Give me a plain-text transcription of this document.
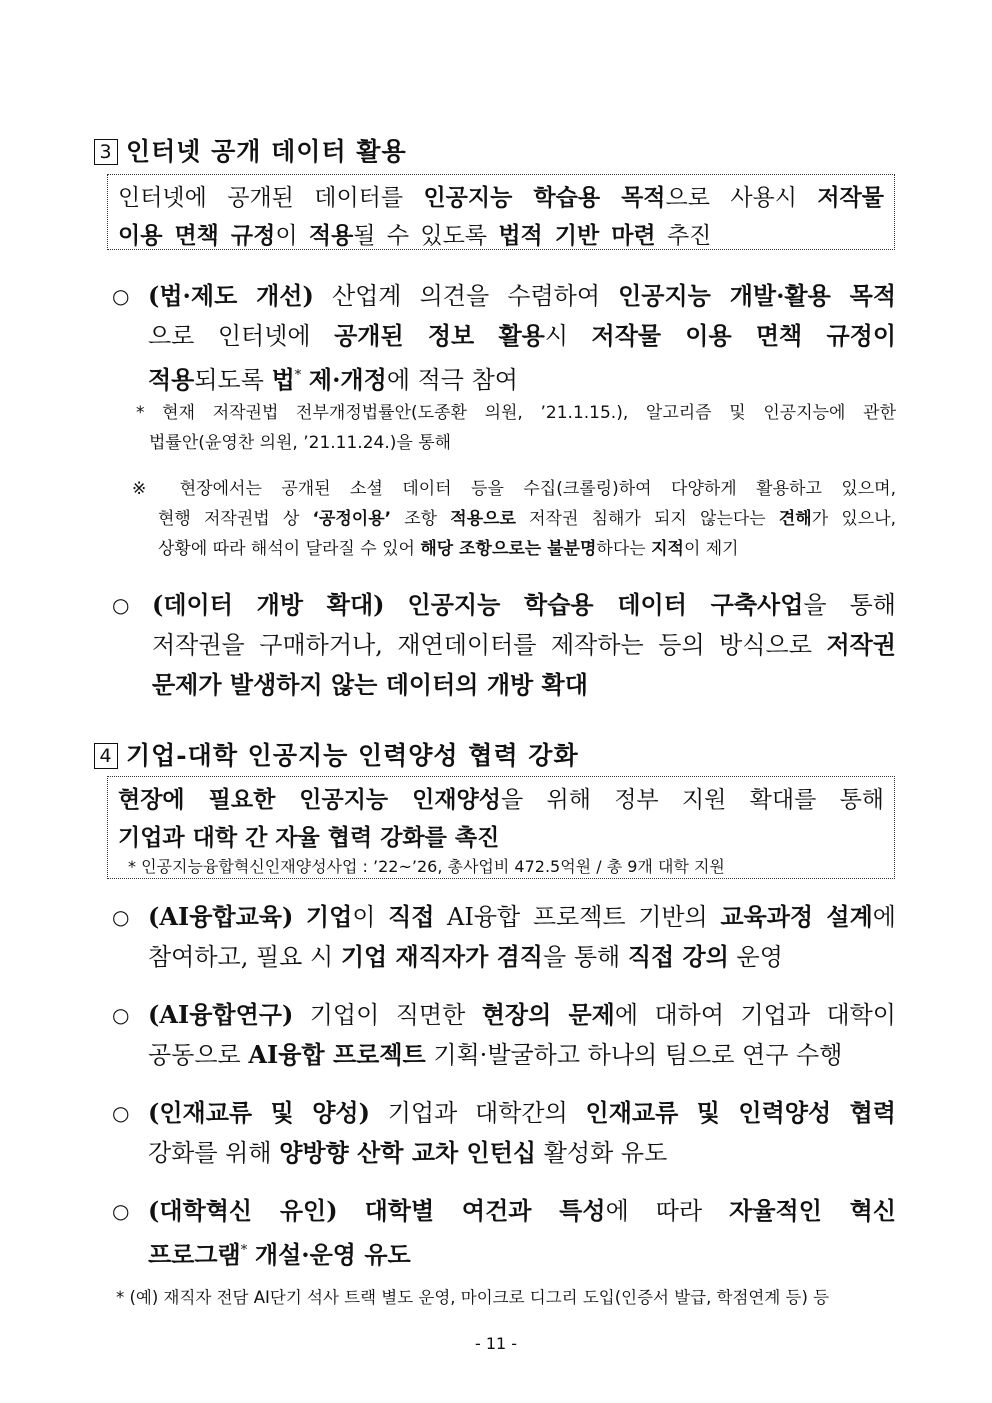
3 인터넷 공개 데이터 활용

인터넷에 공개된 데이터를 인공지능 학습용 목적으로 사용시 저작물

이용 면책 규정이 적용될 수 있도록 법적 기반 마련 추진

○ (법·제도 개선) 산업계 의견을 수렴하여 인공지능 개발·활용 목적

으로 인터넷에 공개된 정보 활용시 저작물 이용 면책 규정이

적용되도록 법* 제·개정에 적극 참여

* 현재 저작권법 전부개정법률안(도종환 의원, ’21.1.15.), 알고리즘 및 인공지능에 관한

법률안(윤영찬 의원, ’21.11.24.)을 통해

※ 현장에서는 공개된 소셜 데이터 등을 수집(크롤링)하여 다양하게 활용하고 있으며,

현행 저작권법 상 ‘공정이용’ 조항 적용으로 저작권 침해가 되지 않는다는 견해가 있으나,

상황에 따라 해석이 달라질 수 있어 해당 조항으로는 불분명하다는 지적이 제기

○ (데이터 개방 확대) 인공지능 학습용 데이터 구축사업을 통해

저작권을 구매하거나, 재연데이터를 제작하는 등의 방식으로 저작권

문제가 발생하지 않는 데이터의 개방 확대

4 기업-대학 인공지능 인력양성 협력 강화

현장에 필요한 인공지능 인재양성을 위해 정부 지원 확대를 통해

기업과 대학 간 자율 협력 강화를 촉진

* 인공지능융합혁신인재양성사업 : ’22~’26, 총사업비 472.5억원 / 총 9개 대학 지원

○ (AI융합교육) 기업이 직접 AI융합 프로젝트 기반의 교육과정 설계에

참여하고, 필요 시 기업 재직자가 겸직을 통해 직접 강의 운영

○ (AI융합연구) 기업이 직면한 현장의 문제에 대하여 기업과 대학이

공동으로 AI융합 프로젝트 기획·발굴하고 하나의 팀으로 연구 수행

○ (인재교류 및 양성) 기업과 대학간의 인재교류 및 인력양성 협력

강화를 위해 양방향 산학 교차 인턴십 활성화 유도

○ (대학혁신 유인) 대학별 여건과 특성에 따라 자율적인 혁신

프로그램* 개설·운영 유도

* (예) 재직자 전담 AI단기 석사 트랙 별도 운영, 마이크로 디그리 도입(인증서 발급, 학점연계 등) 등

- 11 -
